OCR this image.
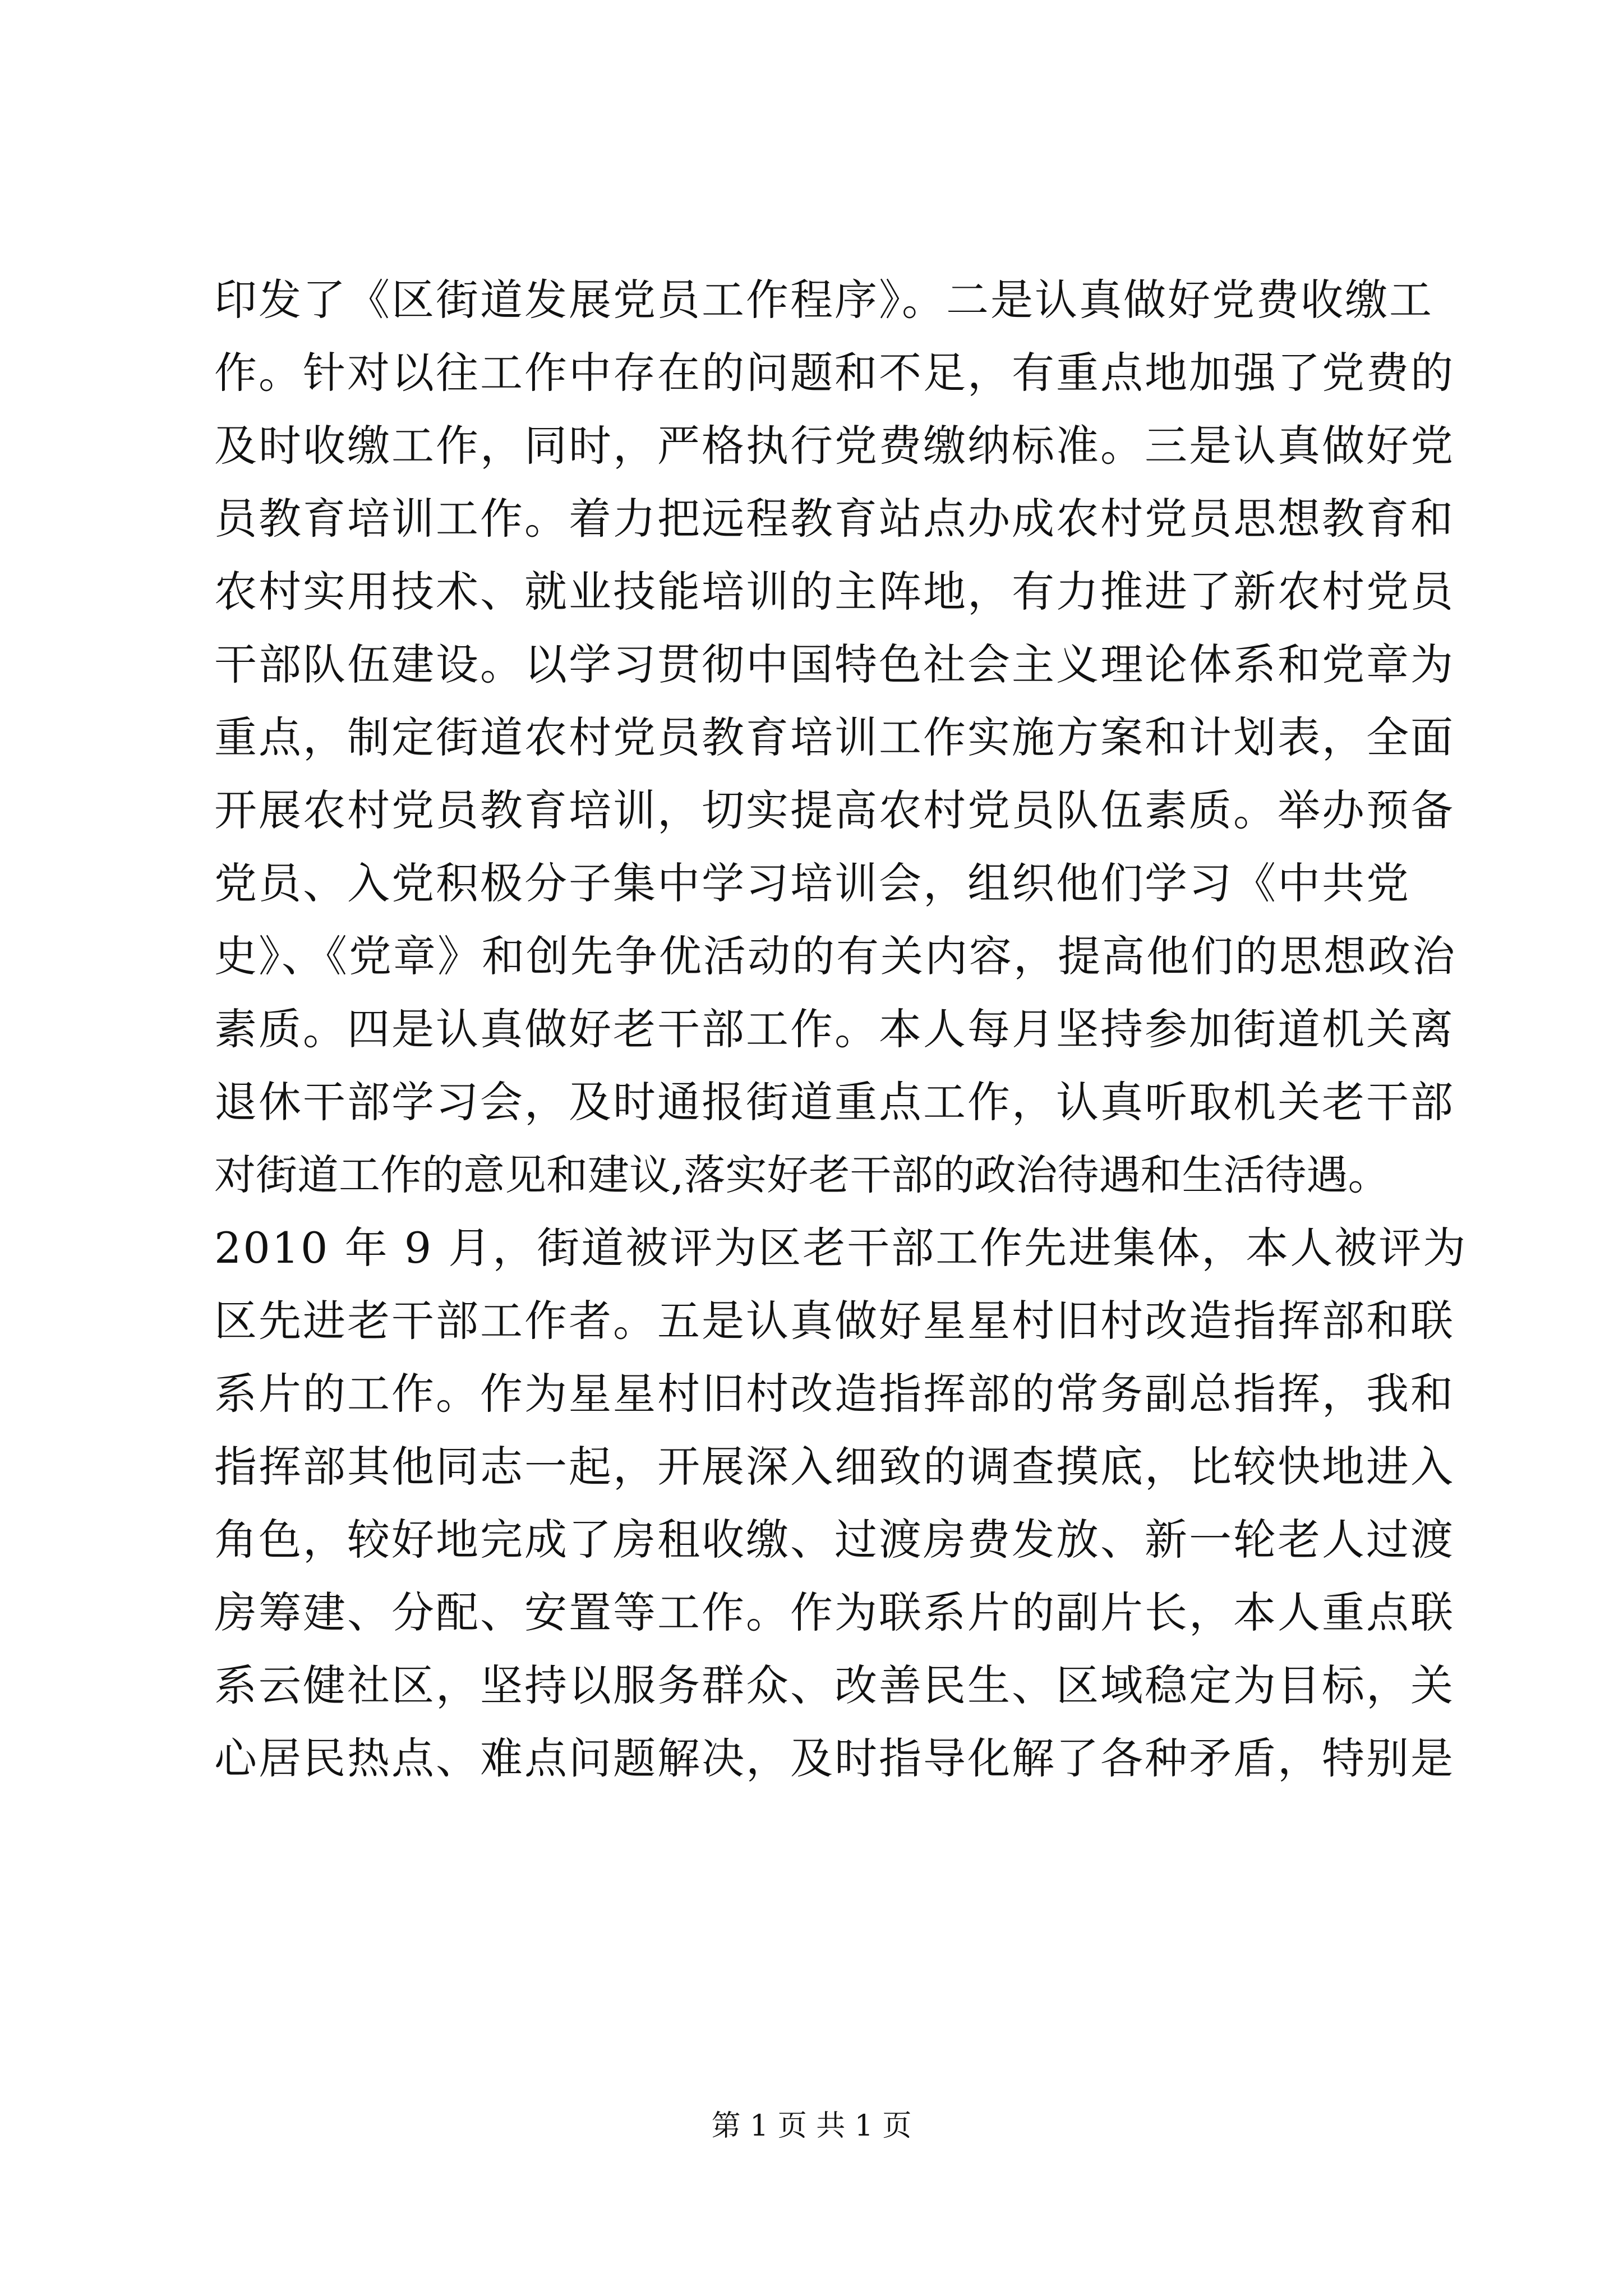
印发了《区街道发展党员工作程序》。二是认真做好党费收缴工
作。针对以往工作中存在的问题和不足，有重点地加强了党费的
及时收缴工作，同时，严格执行党费缴纳标准。三是认真做好党
员教育培训工作。着力把远程教育站点办成农村党员思想教育和
农村实用技术、就业技能培训的主阵地，有力推进了新农村党员
干部队伍建设。以学习贯彻中国特色社会主义理论体系和党章为
重点，制定街道农村党员教育培训工作实施方案和计划表，全面
开展农村党员教育培训，切实提高农村党员队伍素质。举办预备
党员、入党积极分子集中学习培训会，组织他们学习《中共党
史》、《党章》和创先争优活动的有关内容，提高他们的思想政治
素质。四是认真做好老干部工作。本人每月坚持参加街道机关离
退休干部学习会，及时通报街道重点工作，认真听取机关老干部
对街道工作的意见和建议,落实好老干部的政治待遇和生活待遇。
2010 年 9 月，街道被评为区老干部工作先进集体，本人被评为
区先进老干部工作者。五是认真做好星星村旧村改造指挥部和联
系片的工作。作为星星村旧村改造指挥部的常务副总指挥，我和
指挥部其他同志一起，开展深入细致的调查摸底，比较快地进入
角色，较好地完成了房租收缴、过渡房费发放、新一轮老人过渡
房筹建、分配、安置等工作。作为联系片的副片长，本人重点联
系云健社区，坚持以服务群众、改善民生、区域稳定为目标，关
心居民热点、难点问题解决，及时指导化解了各种矛盾，特别是
第 1 页 共 1 页
